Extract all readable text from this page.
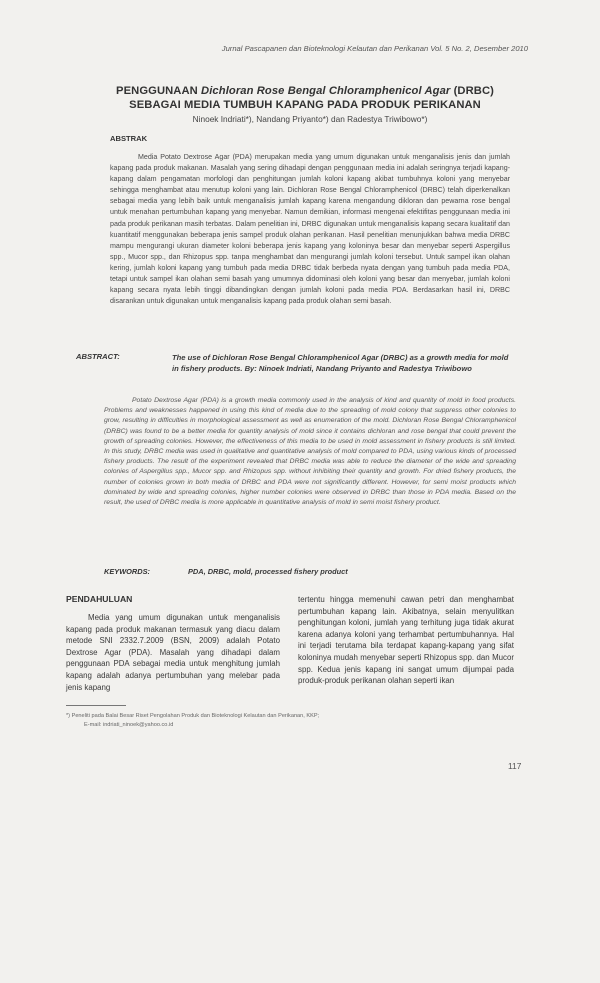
Jurnal Pascapanen dan Bioteknologi Kelautan dan Perikanan Vol. 5 No. 2, Desember 2010
PENGGUNAAN Dichloran Rose Bengal Chloramphenicol Agar (DRBC)
SEBAGAI MEDIA TUMBUH KAPANG PADA PRODUK PERIKANAN
Ninoek Indriati*), Nandang Priyanto*) dan Radestya Triwibowo*)
ABSTRAK
Media Potato Dextrose Agar (PDA) merupakan media yang umum digunakan untuk menganalisis jenis dan jumlah kapang pada produk makanan. Masalah yang sering dihadapi dengan penggunaan media ini adalah seringnya terjadi kapang-kapang dalam pengamatan morfologi dan penghitungan jumlah koloni kapang akibat tumbuhnya koloni yang menyebar sehingga menghambat atau menutup koloni yang lain. Dichloran Rose Bengal Chloramphenicol (DRBC) telah diperkenalkan sebagai media yang lebih baik untuk menganalisis jumlah kapang karena mengandung dikloran dan pewarna rose bengal untuk menahan pertumbuhan kapang yang menyebar. Namun demikian, informasi mengenai efektifitas penggunaan media ini pada produk perikanan masih terbatas. Dalam penelitian ini, DRBC digunakan untuk menganalisis kapang secara kualitatif dan kuantitatif menggunakan beberapa jenis sampel produk olahan perikanan. Hasil penelitian menunjukkan bahwa media DRBC mampu mengurangi ukuran diameter koloni beberapa jenis kapang yang koloninya besar dan menyebar seperti Aspergillus spp., Mucor spp., dan Rhizopus spp. tanpa menghambat dan mengurangi jumlah koloni tersebut. Untuk sampel ikan olahan kering, jumlah koloni kapang yang tumbuh pada media DRBC tidak berbeda nyata dengan yang tumbuh pada media PDA, tetapi untuk sampel ikan olahan semi basah yang umumnya didominasi oleh koloni yang besar dan menyebar, jumlah koloni kapang secara nyata lebih tinggi dibandingkan dengan jumlah koloni pada media PDA. Berdasarkan hasil ini, DRBC disarankan untuk digunakan untuk menganalisis kapang pada produk olahan semi basah.
ABSTRACT:	The use of Dichloran Rose Bengal Chloramphenicol Agar (DRBC) as a growth media for mold in fishery products. By: Ninoek Indriati, Nandang Priyanto and Radestya Triwibowo
Potato Dextrose Agar (PDA) is a growth media commonly used in the analysis of kind and quantity of mold in food products. Problems and weaknesses happened in using this kind of media due to the spreading of mold colony that suppress other colonies to grow, resulting in difficulties in morphological assessment as well as enumeration of the mold. Dichloran Rose Bengal Chloramphenicol (DRBC) was found to be a better media for quantity analysis of mold since it contains dichloran and rose bengal that could prevent the growth of spreading colonies. However, the effectiveness of this media to be used in mold assessment in fishery products is still limited. In this study, DRBC media was used in qualitative and quantitative analysis of mold compared to PDA, using various kinds of processed fishery products. The result of the experiment revealed that DRBC media was able to reduce the diameter of the wide and spreading colonies of Aspergillus spp., Mucor spp. and Rhizopus spp. without inhibiting their quantity and growth. For dried fishery products, the number of colonies grown in both media of DRBC and PDA were not significantly different. However, for semi moist products which dominated by wide and spreading colonies, higher number colonies were observed in DRBC than those in PDA media. Based on the result, the used of DRBC media is more applicable in quantitative analysis of mold in semi moist fishery product.
KEYWORDS:	PDA, DRBC, mold, processed fishery product
PENDAHULUAN
Media yang umum digunakan untuk menganalisis kapang pada produk makanan termasuk yang diacu dalam metode SNI 2332.7.2009 (BSN, 2009) adalah Potato Dextrose Agar (PDA). Masalah yang dihadapi dalam penggunaan PDA sebagai media untuk menghitung jumlah kapang adalah adanya pertumbuhan yang melebar pada jenis kapang
tertentu hingga memenuhi cawan petri dan menghambat pertumbuhan kapang lain. Akibatnya, selain menyulitkan penghitungan koloni, jumlah yang terhitung juga tidak akurat karena adanya koloni yang terhambat pertumbuhannya. Hal ini terjadi terutama bila terdapat kapang-kapang yang sifat koloninya mudah menyebar seperti Rhizopus spp. dan Mucor spp. Kedua jenis kapang ini sangat umum dijumpai pada produk-produk perikanan olahan seperti ikan
*) Peneliti pada Balai Besar Riset Pengolahan Produk dan Bioteknologi Kelautan dan Perikanan, KKP;
E-mail: indriati_ninoek@yahoo.co.id
117
